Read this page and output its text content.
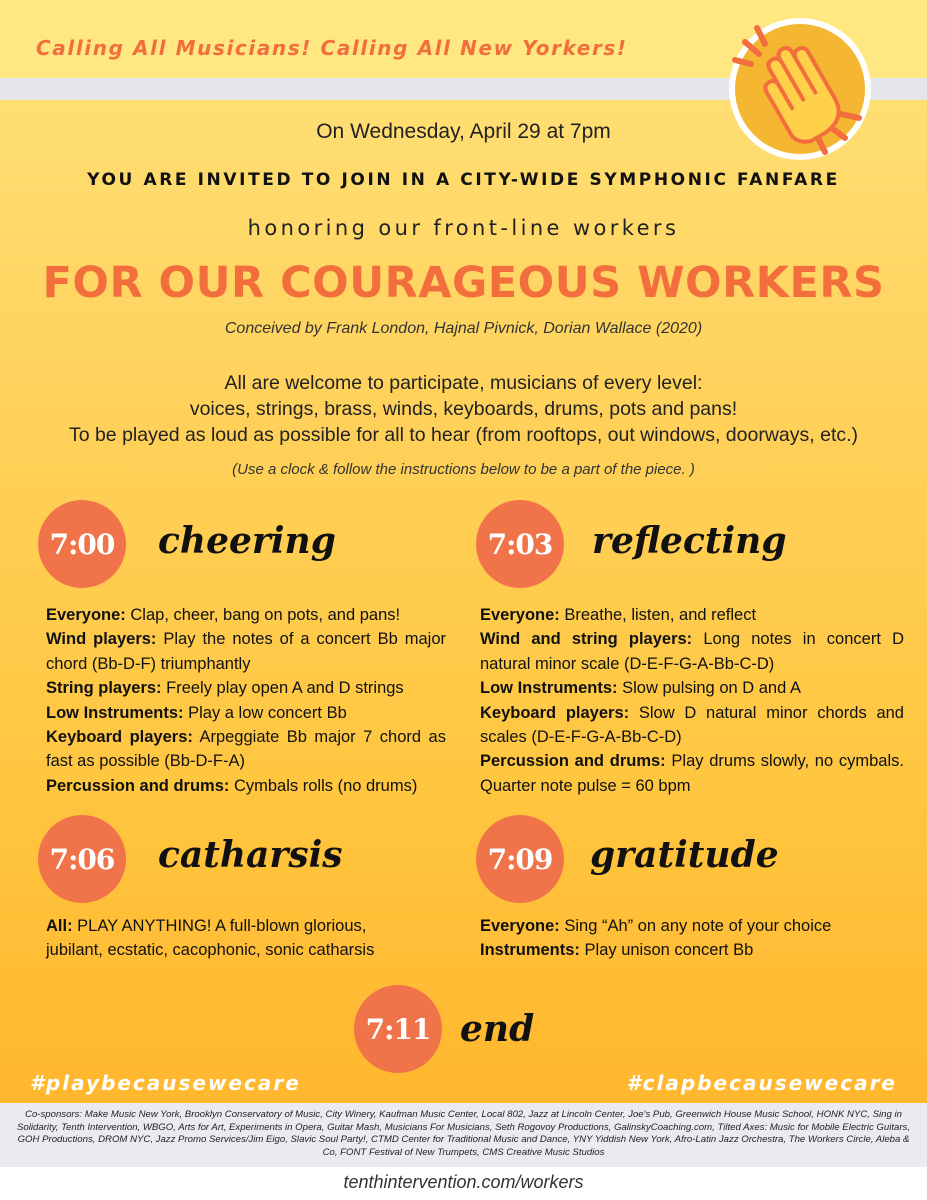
Calling All Musicians! Calling All New Yorkers!
On Wednesday, April 29 at 7pm
YOU ARE INVITED TO JOIN IN A CITY-WIDE SYMPHONIC FANFARE
honoring our front-line workers
FOR OUR COURAGEOUS WORKERS
Conceived by Frank London, Hajnal Pivnick, Dorian Wallace (2020)
All are welcome to participate, musicians of every level:
voices, strings, brass, winds, keyboards, drums, pots and pans!
To be played as loud as possible for all to hear (from rooftops, out windows, doorways, etc.)
(Use a clock & follow the instructions below to be a part of the piece. )
7:00	cheering

Everyone: Clap, cheer, bang on pots, and pans!

Wind players: Play the notes of a concert Bb major chord (Bb-D-F) triumphantly

String players: Freely play open A and D strings

Low Instruments: Play a low concert Bb

Keyboard players: Arpeggiate Bb major 7 chord as fast as possible (Bb-D-F-A)

Percussion and drums: Cymbals rolls (no drums)

7:03	reflecting

Everyone: Breathe, listen, and reflect

Wind and string players: Long notes in concert D natural minor scale (D-E-F-G-A-Bb-C-D)

Low Instruments: Slow pulsing on D and A

Keyboard players: Slow D natural minor chords and scales (D-E-F-G-A-Bb-C-D)

Percussion and drums: Play drums slowly, no cymbals. Quarter note pulse = 60 bpm

7:06	catharsis

All: PLAY ANYTHING! A full-blown glorious, jubilant, ecstatic, cacophonic, sonic catharsis

7:09	gratitude

Everyone: Sing “Ah” on any note of your choice

Instruments: Play unison concert Bb

7:11 end
#playbecausewecare	#clapbecausewecare
Co-sponsors: Make Music New York, Brooklyn Conservatory of Music, City Winery, Kaufman Music Center, Local 802, Jazz at Lincoln Center, Joe's Pub, Greenwich House Music School, HONK NYC, Sing in Solidarity, Tenth Intervention, WBGO, Arts for Art, Experiments in Opera, Guitar Mash, Musicians For Musicians, Seth Rogovoy Productions, GalinskyCoaching.com, Tilted Axes: Music for Mobile Electric Guitars, GOH Productions, DROM NYC, Jazz Promo Services/Jim Eigo, Slavic Soul Party!, CTMD Center for Traditional Music and Dance, YNY Yiddish New York, Afro-Latin Jazz Orchestra, The Workers Circle, Aleba & Co, FONT Festival of New Trumpets, CMS Creative Music Studios
tenthintervention.com/workers
